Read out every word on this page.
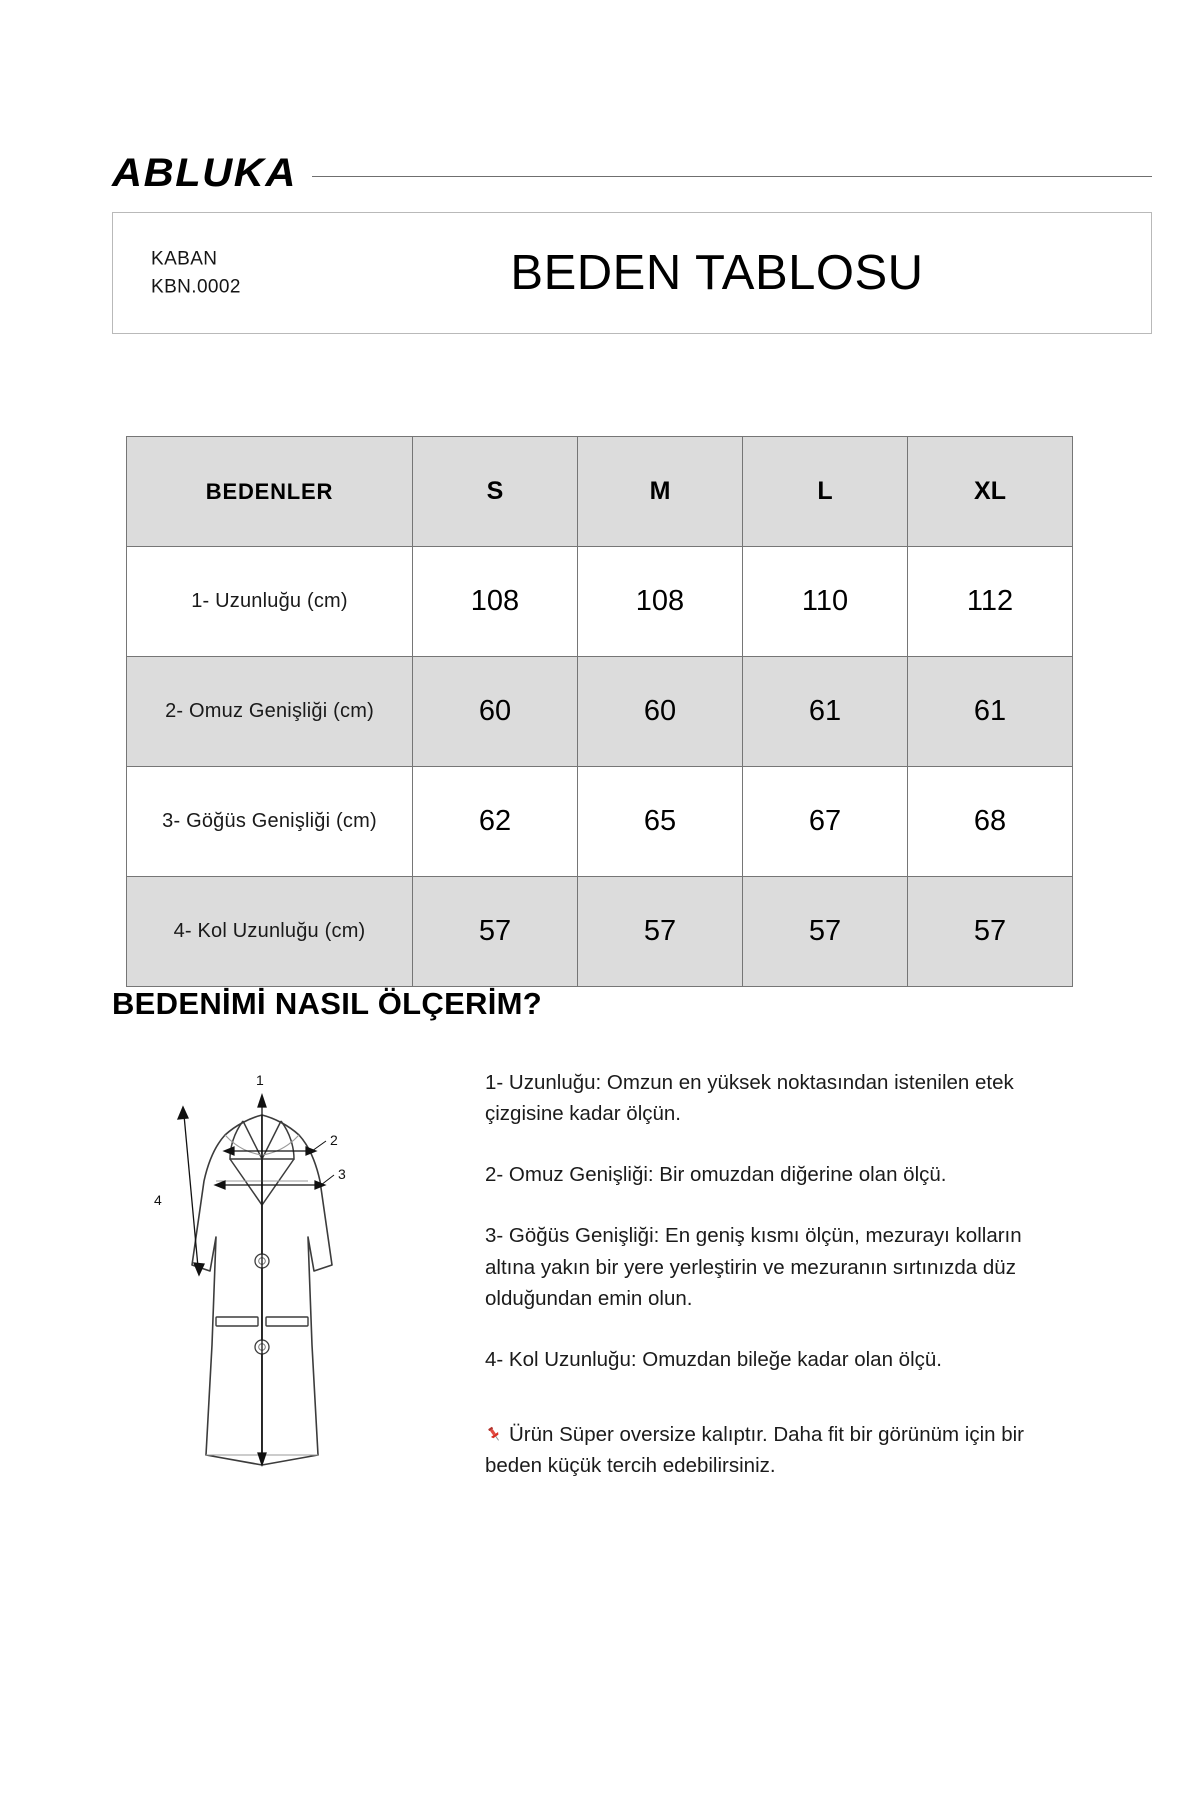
ABLUKA
KABAN
KBN.0002	BEDEN TABLOSU
BEDENLER	S	M	L	XL
1- Uzunluğu (cm)	108	108	110	112
2- Omuz Genişliği (cm)	60	60	61	61
3- Göğüs Genişliği (cm)	62	65	67	68
4- Kol Uzunluğu (cm)	57	57	57	57
BEDENİMİ NASIL ÖLÇERİM?
1
2
3
4

1- Uzunluğu: Omzun en yüksek noktasından istenilen etek çizgisine kadar ölçün.

2- Omuz Genişliği: Bir omuzdan diğerine olan ölçü.

3- Göğüs Genişliği: En geniş kısmı ölçün, mezurayı kolların altına yakın bir yere yerleştirin ve mezuranın sırtınızda düz olduğundan emin olun.

4- Kol Uzunluğu: Omuzdan bileğe kadar olan ölçü.

Ürün Süper oversize kalıptır. Daha fit bir görünüm için bir beden küçük tercih edebilirsiniz.
